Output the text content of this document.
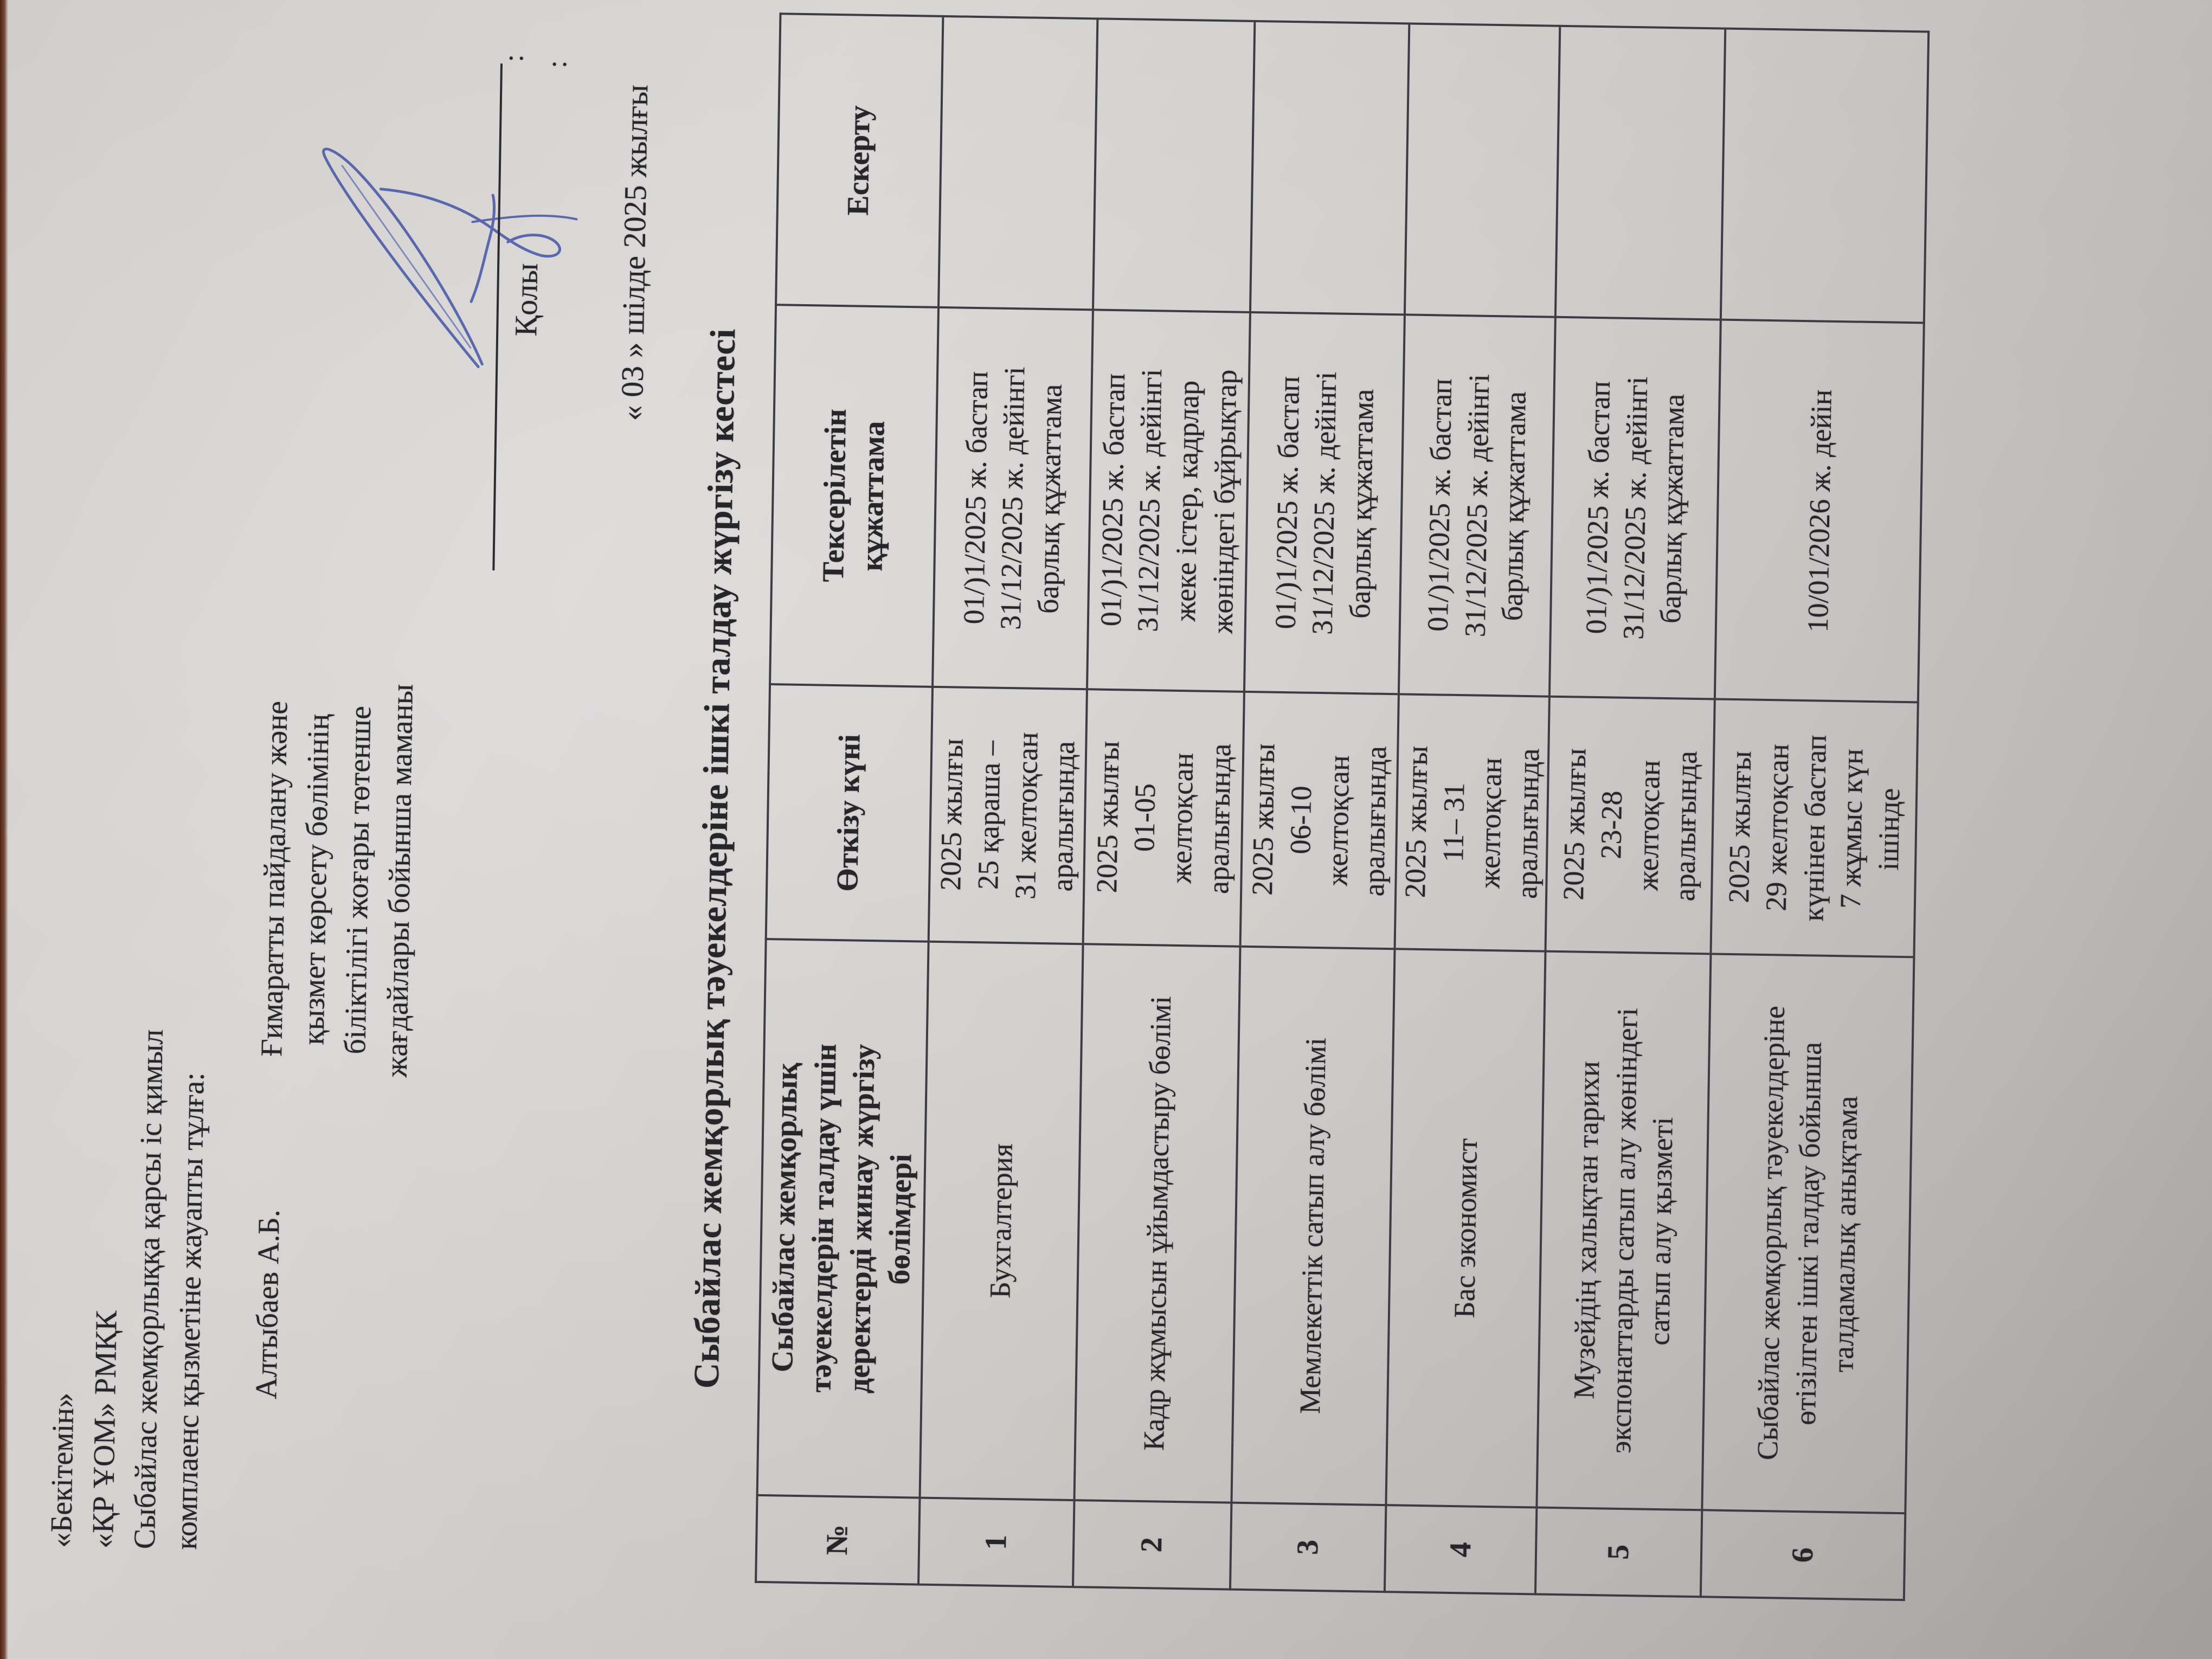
«Бекітемін» «ҚР ҰОМ» РМҚК Сыбайлас жемқорлыққа қарсы іс қимыл комплаенс қызметіне жауапты тұлға:	Алтыбаев А.Б.
Ғимаратты пайдалану және
қызмет көрсету бөлімінің
біліктілігі жоғары төтенше
жағдайлары бойынша маманы
:
Қолы
:
« 03 » шілде 2025 жылғы
Сыбайлас жемқорлық тәуекелдеріне ішкі талдау жүргізу кестесі
№	Сыбайлас жемқорлық
тәуекелдерін талдау үшін
деректерді жинау жүргізу
бөлімдері	Өткізу күні	Тексерілетін
құжаттама	Ескерту
1	Бухгалтерия	2025 жылғы
25 қараша –
31 желтоқсан
аралығында	01/)1/2025 ж. бастап
31/12/2025 ж. дейінгі
барлық құжаттама	
2	Кадр жұмысын ұйымдастыру бөлімі	2025 жылғы
01-05
желтоқсан
аралығында	01/)1/2025 ж. бастап
31/12/2025 ж. дейінгі
жеке істер, кадрлар
жөніндегі бұйрықтар	
3	Мемлекеттік сатып алу бөлімі	2025 жылғы
06-10
желтоқсан
аралығында	01/)1/2025 ж. бастап
31/12/2025 ж. дейінгі
барлық құжаттама	
4	Бас экономист	2025 жылғы
11– 31
желтоқсан
аралығында	01/)1/2025 ж. бастап
31/12/2025 ж. дейінгі
барлық құжаттама	
5	Музейдің халықтан тарихи
экспонаттарды сатып алу жөніндегі
сатып алу қызметі	2025 жылғы
23-28
желтоқсан
аралығында	01/)1/2025 ж. бастап
31/12/2025 ж. дейінгі
барлық құжаттама	
6	Сыбайлас жемқорлық тәуекелдеріне
өтізілген ішкі талдау бойынша
талдамалық анықтама	2025 жылғы
29 желтоқсан
күнінен бастап
7 жұмыс күн
ішінде	10/01/2026 ж. дейін	
